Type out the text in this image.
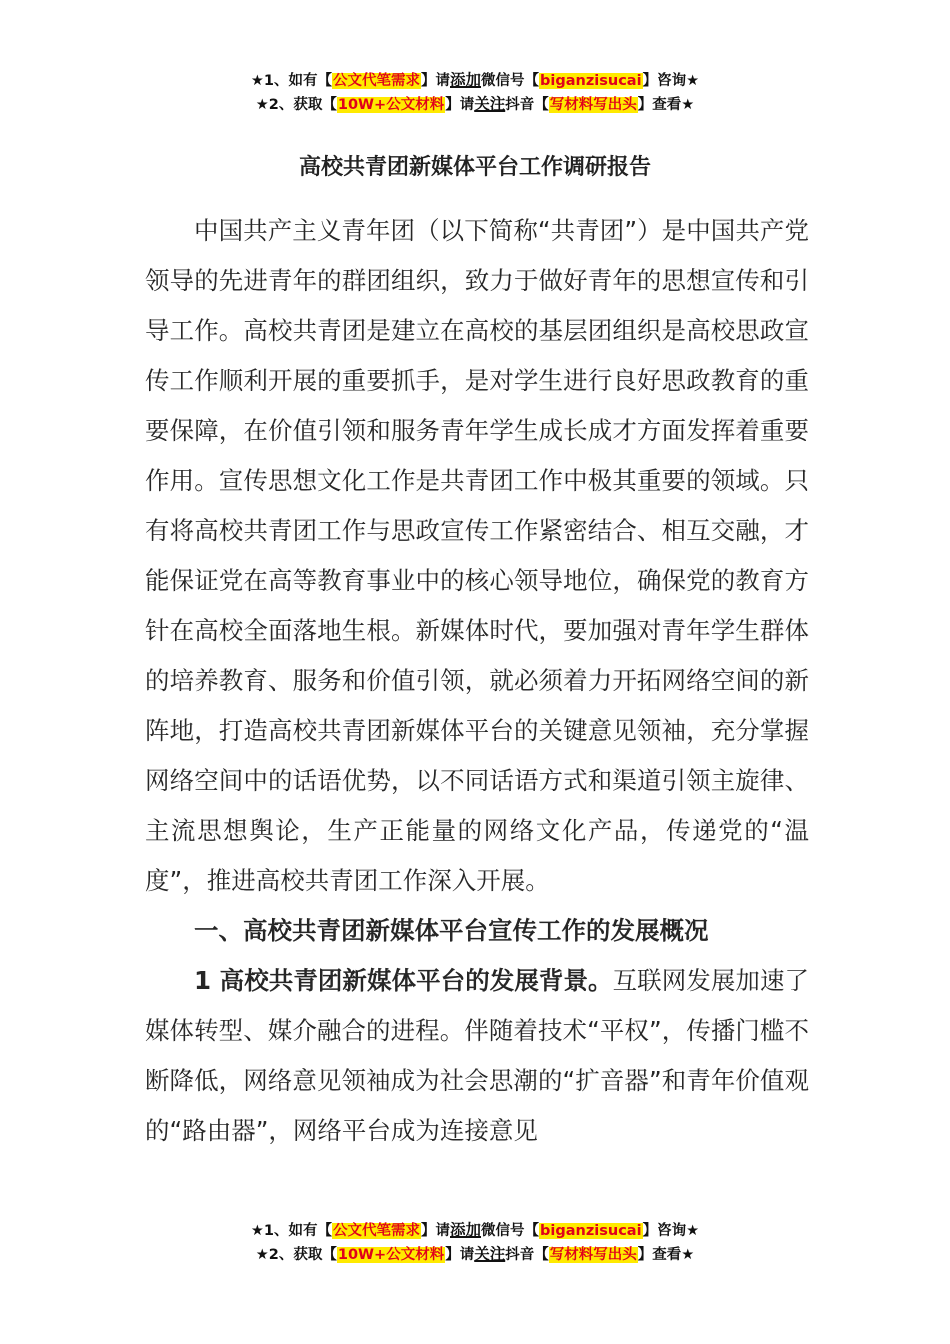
★1、如有【公文代笔需求】请添加微信号【biganzisucai】咨询★
★2、获取【10W+公文材料】请关注抖音【写材料写出头】查看★
高校共青团新媒体平台工作调研报告

中国共产主义青年团（以下简称“共青团”）是中国共产党领导的先进青年的群团组织，致力于做好青年的思想宣传和引导工作。高校共青团是建立在高校的基层团组织是高校思政宣传工作顺利开展的重要抓手，是对学生进行良好思政教育的重要保障，在价值引领和服务青年学生成长成才方面发挥着重要作用。宣传思想文化工作是共青团工作中极其重要的领域。只有将高校共青团工作与思政宣传工作紧密结合、相互交融，才能保证党在高等教育事业中的核心领导地位，确保党的教育方针在高校全面落地生根。新媒体时代，要加强对青年学生群体的培养教育、服务和价值引领，就必须着力开拓网络空间的新阵地，打造高校共青团新媒体平台的关键意见领袖，充分掌握网络空间中的话语优势，以不同话语方式和渠道引领主旋律、主流思想舆论，生产正能量的网络文化产品，传递党的“温度”，推进高校共青团工作深入开展。

一、高校共青团新媒体平台宣传工作的发展概况

1 高校共青团新媒体平台的发展背景。互联网发展加速了媒体转型、媒介融合的进程。伴随着技术“平权”，传播门槛不断降低，网络意见领袖成为社会思潮的“扩音器”和青年价值观的“路由器”，网络平台成为连接意见

★1、如有【公文代笔需求】请添加微信号【biganzisucai】咨询★
★2、获取【10W+公文材料】请关注抖音【写材料写出头】查看★
